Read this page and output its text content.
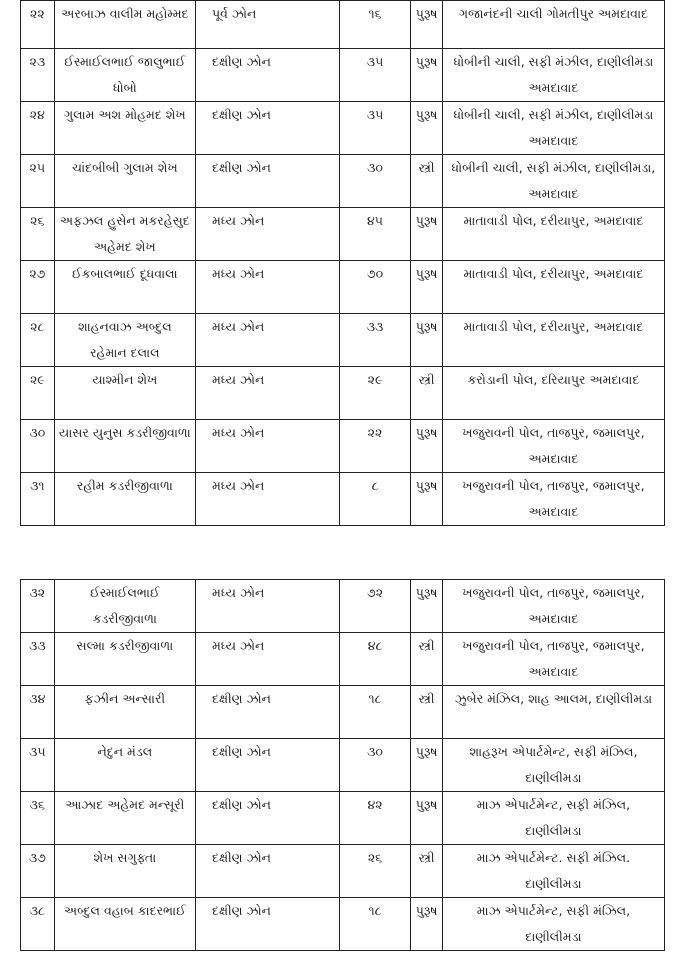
૨૨	અરબાઝ વાલીમ મહોમ્મદ	પૂર્વ ઝોન	૧૬	પુરૂષ	ગજાનંદની ચાલી ગોમતીપુર અમદાવાદ
૨૩	ઈસ્માઈલભાઈ જાલુભાઈ ધોબો	દક્ષીણ ઝોન	૩૫	પુરૂષ	ધોબીની ચાલી, સફી મંઝીલ, દાણીલીમડા અમદાવાદ
૨૪	ગુલામ અશ મોહમદ શેખ	દક્ષીણ ઝોન	૩૫	પુરૂષ	ધોબીની ચાલી, સફી મંઝીલ, દાણીલીમડા અમદાવાદ
૨૫	ચાંદબીબી ગુલામ શેખ	દક્ષીણ ઝોન	૩૦	સ્ત્રી	ધોબીની ચાલી, સફી મંઝીલ, દાણીલીમડા, અમદાવાદ
૨૬	અફઝલ હુસેન મકરહેસુદ અહેમદ શેખ	મધ્ય ઝોન	૪૫	પુરૂષ	માતાવાડી પોલ, દરીયાપુર, અમદાવાદ
૨૭	ઈકબાલભાઈ દૂધવાલા	મધ્ય ઝોન	૭૦	પુરૂષ	માતાવાડી પોલ, દરીયાપુર, અમદાવાદ
૨૮	શાહનવાઝ અબ્દુલ રહેમાન દલાલ	મધ્ય ઝોન	૩૩	પુરૂષ	માતાવાડી પોલ, દરીયાપુર, અમદાવાદ
૨૯	યાશ્મીન શેખ	મધ્ય ઝોન	૨૯	સ્ત્રી	કરોડાની પોલ, દરિયાપુર અમદાવાદ
૩૦	યાસર યુનુસ કડરીજીવાળા	મધ્ય ઝોન	૨૨	પુરૂષ	ખજુરાવની પોલ, તાજપુર, જમાલપુર, અમદાવાદ
૩૧	રહીમ કડરીજીવાળા	મધ્ય ઝોન	૮	પુરૂષ	ખજુરાવની પોલ, તાજપુર, જમાલપુર, અમદાવાદ
૩૨	ઈસ્માઈલભાઈ કડરીજીવાળા	મધ્ય ઝોન	૭૨	પુરૂષ	ખજુરાવની પોલ, તાજપુર, જમાલપુર, અમદાવાદ
૩૩	સલ્મા કડરીજીવાળા	મધ્ય ઝોન	૪૮	સ્ત્રી	ખજુરાવની પોલ, તાજપુર, જમાલપુર, અમદાવાદ
૩૪	ફઝીન અન્સારી	દક્ષીણ ઝોન	૧૮	સ્ત્રી	ઝુબેર મંઝિલ, શાહ આલમ, દાણીલીમડા
૩૫	નેદુન મંડલ	દક્ષીણ ઝોન	૩૦	પુરૂષ	શાહરૂખ એપાર્ટમેન્ટ, સફી મંઝિલ, દાણીલીમડા
૩૬	આઝાદ અહેમદ મન્સૂરી	દક્ષીણ ઝોન	૪૨	પુરૂષ	માઝ એપાર્ટમેન્ટ, સફી મંઝિલ, દાણીલીમડા
૩૭	શેખ સગુફ્તા	દક્ષીણ ઝોન	૨૬	સ્ત્રી	માઝ એપાર્ટમેન્ટ. સફી મંઝિલ. દાણીલીમડા
૩૮	અબ્દુલ વહાબ કાદરભાઈ	દક્ષીણ ઝોન	૧૮	પુરૂષ	માઝ એપાર્ટમેન્ટ, સફી મંઝિલ, દાણીલીમડા
